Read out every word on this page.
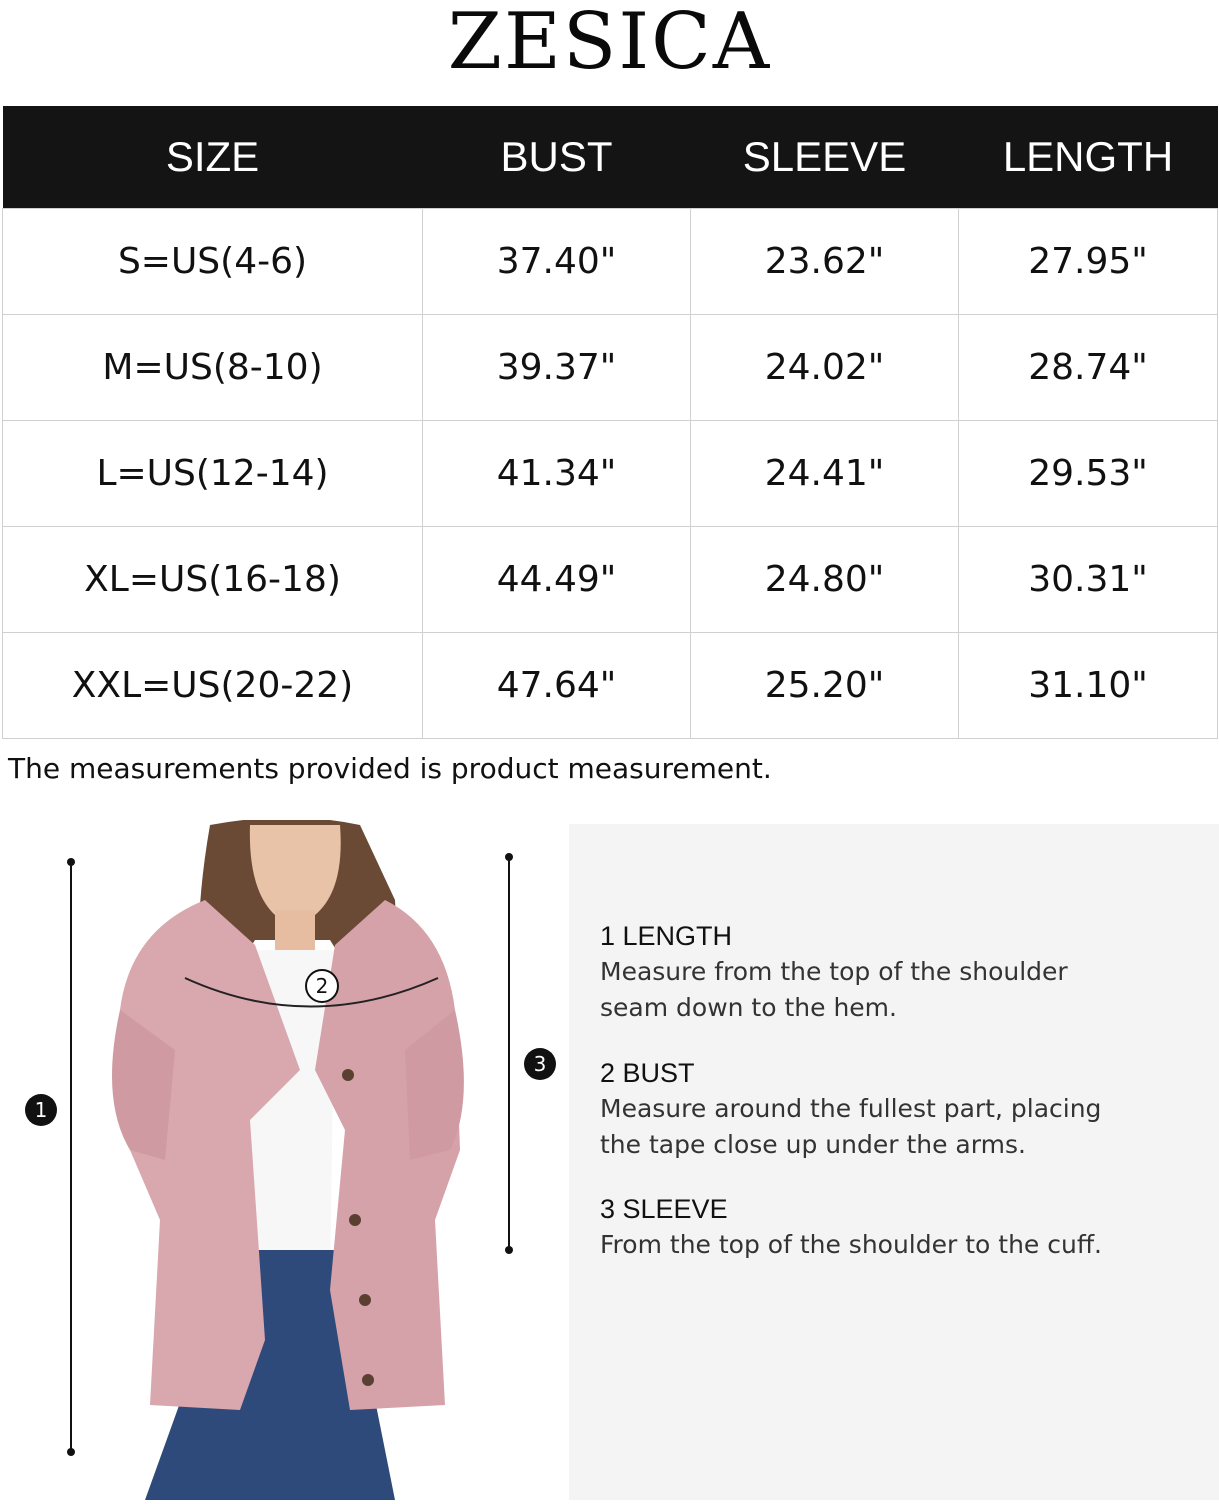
ZESICA
SIZE	BUST	SLEEVE	LENGTH
S=US(4-6)	37.40"	23.62"	27.95"
M=US(8-10)	39.37"	24.02"	28.74"
L=US(12-14)	41.34"	24.41"	29.53"
XL=US(16-18)	44.49"	24.80"	30.31"
XXL=US(20-22)	47.64"	25.20"	31.10"
The measurements provided is product measurement.
1
2
3
1 LENGTH
Measure from the top of the shoulder
seam down to the hem.
2 BUST
Measure around the fullest part, placing
the tape close up under the arms.
3 SLEEVE
From the top of the shoulder to the cuff.
